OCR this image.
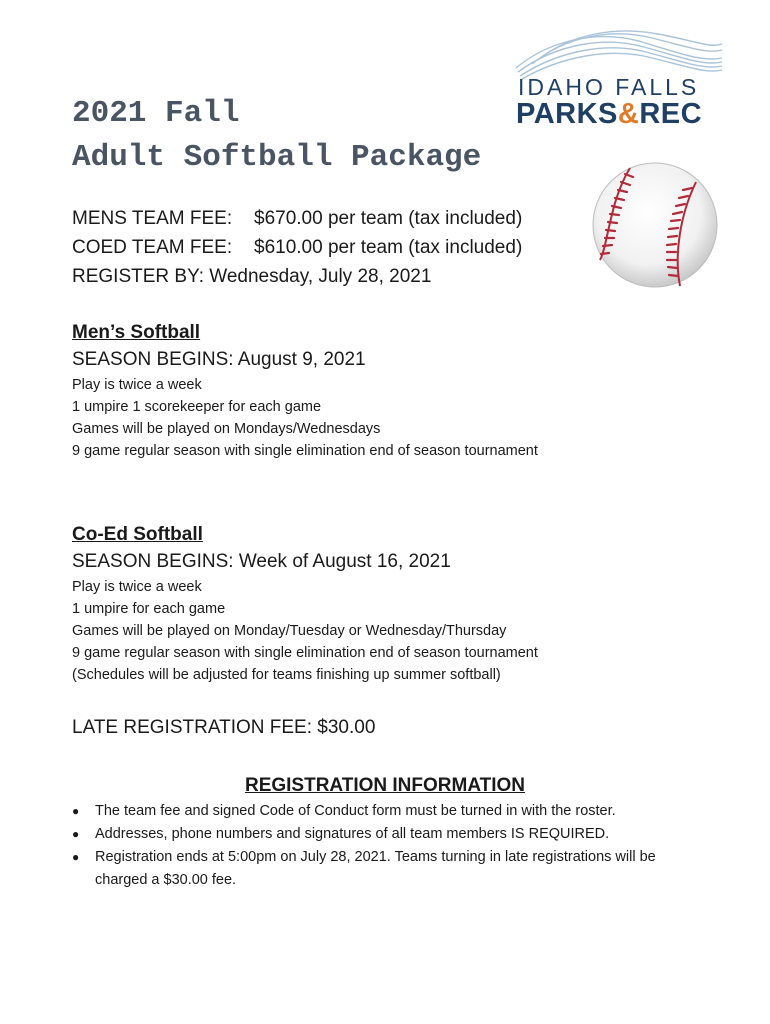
IDAHO FALLS
PARKS&REC
2021 Fall
Adult Softball Package
MENS TEAM FEE:	$670.00 per team (tax included)
COED TEAM FEE:	$610.00 per team (tax included)
REGISTER BY: Wednesday, July 28, 2021
Men’s Softball
SEASON BEGINS: August 9, 2021
Play is twice a week
1 umpire 1 scorekeeper for each game
Games will be played on Mondays/Wednesdays
9 game regular season with single elimination end of season tournament
Co-Ed Softball
SEASON BEGINS: Week of August 16, 2021
Play is twice a week
1 umpire for each game
Games will be played on Monday/Tuesday or Wednesday/Thursday
9 game regular season with single elimination end of season tournament
(Schedules will be adjusted for teams finishing up summer softball)
LATE REGISTRATION FEE: $30.00
REGISTRATION INFORMATION
● The team fee and signed Code of Conduct form must be turned in with the roster.
● Addresses, phone numbers and signatures of all team members IS REQUIRED.
● Registration ends at 5:00pm on July 28, 2021. Teams turning in late registrations will be charged a $30.00 fee.
